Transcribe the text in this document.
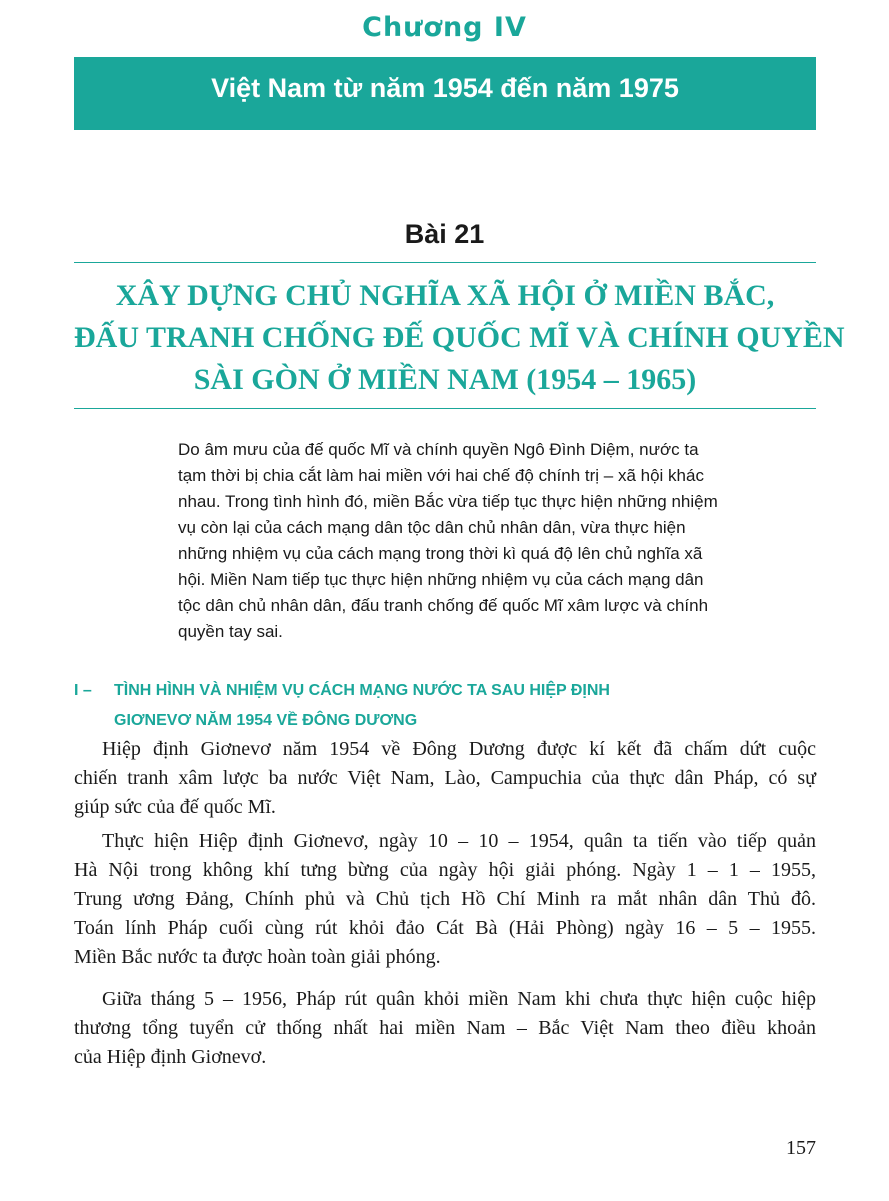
Chương IV
Việt Nam từ năm 1954 đến năm 1975
Bài 21
XÂY DỰNG CHỦ NGHĨA XÃ HỘI Ở MIỀN BẮC,
ĐẤU TRANH CHỐNG ĐẾ QUỐC MĨ VÀ CHÍNH QUYỀN
SÀI GÒN Ở MIỀN NAM (1954 – 1965)
Do âm mưu của đế quốc Mĩ và chính quyền Ngô Đình Diệm, nước ta
tạm thời bị chia cắt làm hai miền với hai chế độ chính trị – xã hội khác
nhau. Trong tình hình đó, miền Bắc vừa tiếp tục thực hiện những nhiệm
vụ còn lại của cách mạng dân tộc dân chủ nhân dân, vừa thực hiện
những nhiệm vụ của cách mạng trong thời kì quá độ lên chủ nghĩa xã
hội. Miền Nam tiếp tục thực hiện những nhiệm vụ của cách mạng dân
tộc dân chủ nhân dân, đấu tranh chống đế quốc Mĩ xâm lược và chính
quyền tay sai.
I – TÌNH HÌNH VÀ NHIỆM VỤ CÁCH MẠNG NƯỚC TA SAU HIỆP ĐỊNH
GIƠNEVƠ NĂM 1954 VỀ ĐÔNG DƯƠNG
Hiệp định Giơnevơ năm 1954 về Đông Dương được kí kết đã chấm dứt cuộc
chiến tranh xâm lược ba nước Việt Nam, Lào, Campuchia của thực dân Pháp, có sự
giúp sức của đế quốc Mĩ.
Thực hiện Hiệp định Giơnevơ, ngày 10 – 10 – 1954, quân ta tiến vào tiếp quản
Hà Nội trong không khí tưng bừng của ngày hội giải phóng. Ngày 1 – 1 – 1955,
Trung ương Đảng, Chính phủ và Chủ tịch Hồ Chí Minh ra mắt nhân dân Thủ đô.
Toán lính Pháp cuối cùng rút khỏi đảo Cát Bà (Hải Phòng) ngày 16 – 5 – 1955.
Miền Bắc nước ta được hoàn toàn giải phóng.
Giữa tháng 5 – 1956, Pháp rút quân khỏi miền Nam khi chưa thực hiện cuộc hiệp
thương tổng tuyển cử thống nhất hai miền Nam – Bắc Việt Nam theo điều khoản
của Hiệp định Giơnevơ.
157
